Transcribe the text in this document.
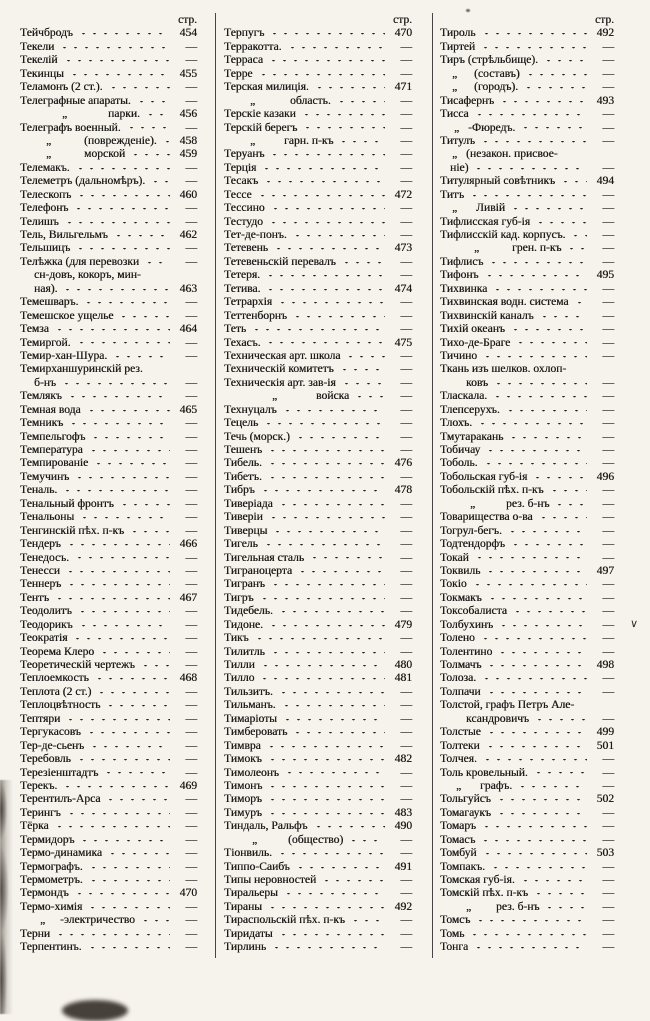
стр.
Тейчбродъ	454
Текели	—
Текелій	—
Текинцы	455
Теламонъ (2 ст.).	—
Телеграфные апараты.	—
„	парки.	456
Телеграфъ военный.	—
„	(поврежденіе).	458
„	морской	459
Телемакъ.	—
Телеметръ (дальномѣръ).	—
Телескопъ	460
Телефонъ	—
Телишъ	—
Тель, Вильгельмъ	462
Тельшицъ	—
Телѣжка (для перевозки	—
сн-довъ, кокоръ, мин-
ная).	463
Темешваръ.	—
Темешское ущелье	—
Темза	464
Темиргой.	—
Темир-хан-Шура.	—
Темирханшуринскій рез.
б-нъ	—
Темлякъ	—
Темная вода	465
Темникъ	—
Темпельгофъ	—
Температура	—
Темпированіе	—
Темучинъ	—
Теналь.	—
Тенальный фронтъ	—
Тенальоны	—
Тенгинскій пѣх. п-къ	—
Тендеръ	466
Тенедосъ.	—
Тенесси	—
Теннеръ	—
Тентъ	467
Теодолитъ	—
Теодорикъ	—
Теократія	—
Теорема Клеро	—
Теоретическій чертежъ	—
Теплоемкость	468
Теплота (2 ст.)	—
Теплоцвѣтность	—
Тептяри	—
Тергукасовъ	—
Тер-де-сьенъ	—
Теребовль	—
Терезіенштадтъ	—
Терекъ.	469
Терентилъ-Арса	—
Терингъ	—
Тёрка	—
Термидоръ	—
Термо-динамика	—
Термографъ.	—
Термометръ.	—
Термондъ	470
Термо-химія	—
„	-электричество	—
Терни	—
Терпентинъ.	—
стр.
Терпугъ	470
Терракотта.	—
Терраса	—
Терре	—
Терская милиція.	471
„	область.	—
Терскіе казаки	—
Терскій берегъ	—
„	гарн. п-къ	—
Теруанъ	—
Терція	—
Тесакъ	—
Тессе	472
Тессино	—
Тестудо	—
Тет-де-понъ.	—
Тетевень	473
Тетевеньскій перевалъ	—
Тетеря.	—
Тетива.	474
Тетрархія	—
Теттенборнъ	—
Теть	—
Техасъ.	475
Техническая арт. школа	—
Техническій комитетъ	—
Техническія арт. зав-ія	—
„	войска	—
Технуцалъ	—
Тецель	—
Течь (морск.)	—
Тешенъ	—
Тибель.	476
Тибетъ.	—
Тибръ	478
Тиверіада	—
Тиверіи	—
Тиверцы	—
Тигель	—
Тигельная сталь	—
Тиграноцерта	—
Тигранъ	—
Тигръ	—
Тидебель.	—
Тидоне.	479
Тикъ	—
Тилитль	—
Тилли	480
Тилло	481
Тильзитъ.	—
Тильманъ.	—
Тимаріоты	—
Тимберовать	—
Тимвра	—
Тимокъ	482
Тимолеонъ	—
Тимонъ	—
Тиморъ	—
Тимуръ	483
Тиндаль, Ральфъ	490
„	(общество)	—
Тіонвиль.	—
Типпо-Саибъ	491
Типы неровностей	—
Тиральеры	—
Тираны	492
Тираспольскій пѣх. п-къ	—
Тиридаты	—
Тирлинь	—
стр.
Тироль	492
Тиртей	—
Тиръ (стрѣльбище).	—
„	(составъ)	—
„	(городъ).	—
Тисафернъ	493
Тисса	—
„ -Фюредъ.	—
Титулъ	—
„ (незакон. присвое-
ніе)	—
Титулярный совѣтникъ	494
Титъ	—
„	Ливій	—
Тифлисская губ-ія	—
Тифлисскій кад. корпусъ.	—
„	грен. п-къ	—
Тифлисъ	—
Тифонъ	495
Тихвинка	—
Тихвинская водн. система	—
Тихвинскій каналъ	—
Тихій океанъ	—
Тихо-де-Браге	—
Тичино	—
Ткань изъ шелков. охлоп-
ковъ	—
Тласкала.	—
Тлепсерухъ.	—
Тлохъ.	—
Тмутаракань	—
Тобичау	—
Тоболь.	—
Тобольская губ-ія	496
Тобольскій пѣх. п-къ	—
„	рез. б-нъ	—
Товарищества о-ва	—
Тогрул-бегъ.	—
Тодтендорфъ	—
Токай	—
Токвиль	497
Токіо	—
Токмакъ	—
Токсобалиста	—
Толбухинъ	— ∨
Толено	—
Толентино	—
Толмачъ	498
Толоза.	—
Толпачи	—
Толстой, графъ Петръ Але-
ксандровичъ	—
Толстые	499
Толтеки	501
Толчея.	—
Толь кровельный.	—
„	графъ.	—
Тольгуйсъ	502
Томагаукъ	—
Томаръ	—
Томасъ	—
Томбуй	503
Томпакъ.	—
Томская губ-ія.	—
Томскій пѣх. п-къ	—
„	рез. б-нъ	—
Томсъ	—
Томь	—
Тонга	—
